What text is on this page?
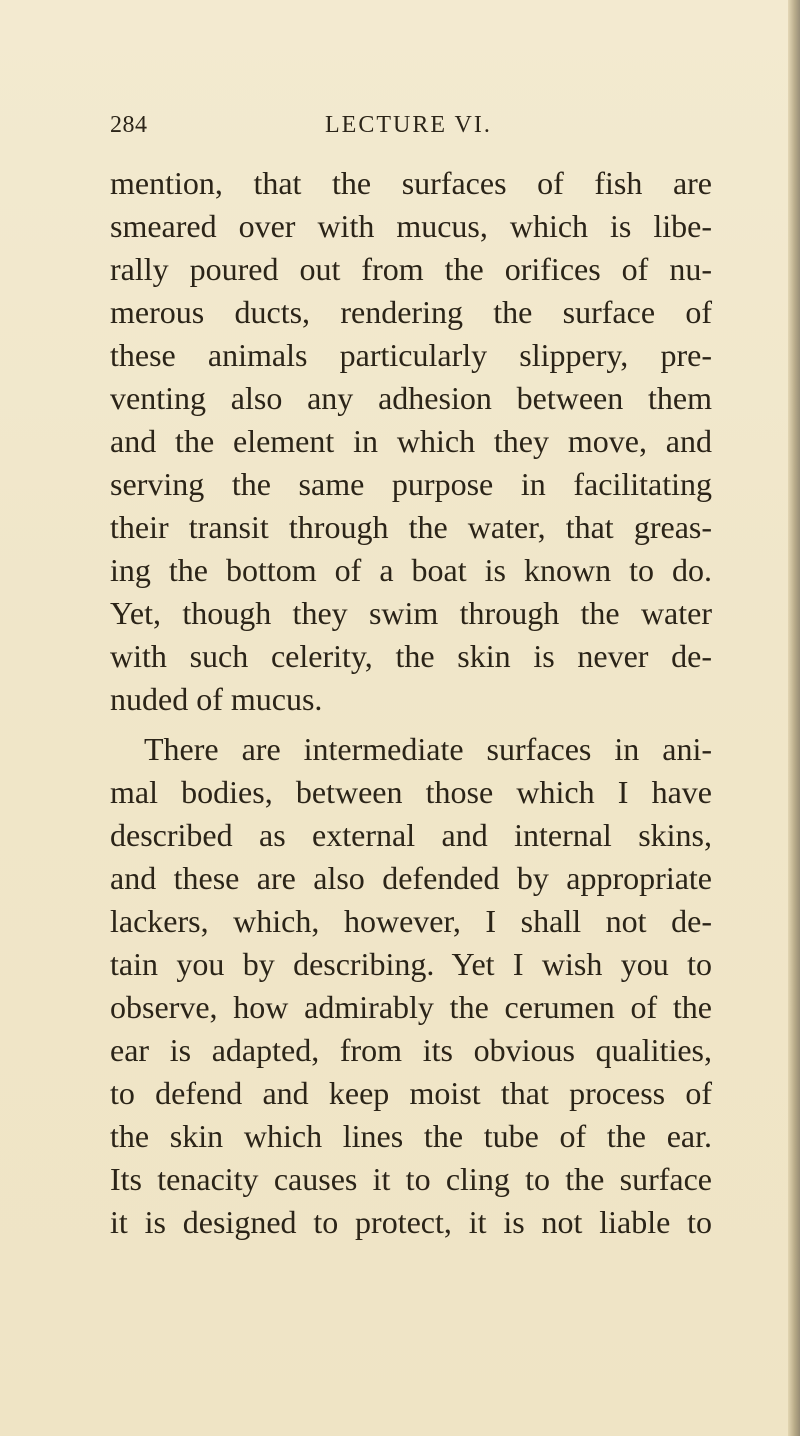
284	LECTURE VI.
mention, that the surfaces of fish are
smeared over with mucus, which is libe-
rally poured out from the orifices of nu-
merous ducts, rendering the surface of
these animals particularly slippery, pre-
venting also any adhesion between them
and the element in which they move, and
serving the same purpose in facilitating
their transit through the water, that greas-
ing the bottom of a boat is known to do.
Yet, though they swim through the water
with such celerity, the skin is never de-
nuded of mucus.
There are intermediate surfaces in ani-
mal bodies, between those which I have
described as external and internal skins,
and these are also defended by appropriate
lackers, which, however, I shall not de-
tain you by describing. Yet I wish you to
observe, how admirably the cerumen of the
ear is adapted, from its obvious qualities,
to defend and keep moist that process of
the skin which lines the tube of the ear.
Its tenacity causes it to cling to the surface
it is designed to protect, it is not liable to
